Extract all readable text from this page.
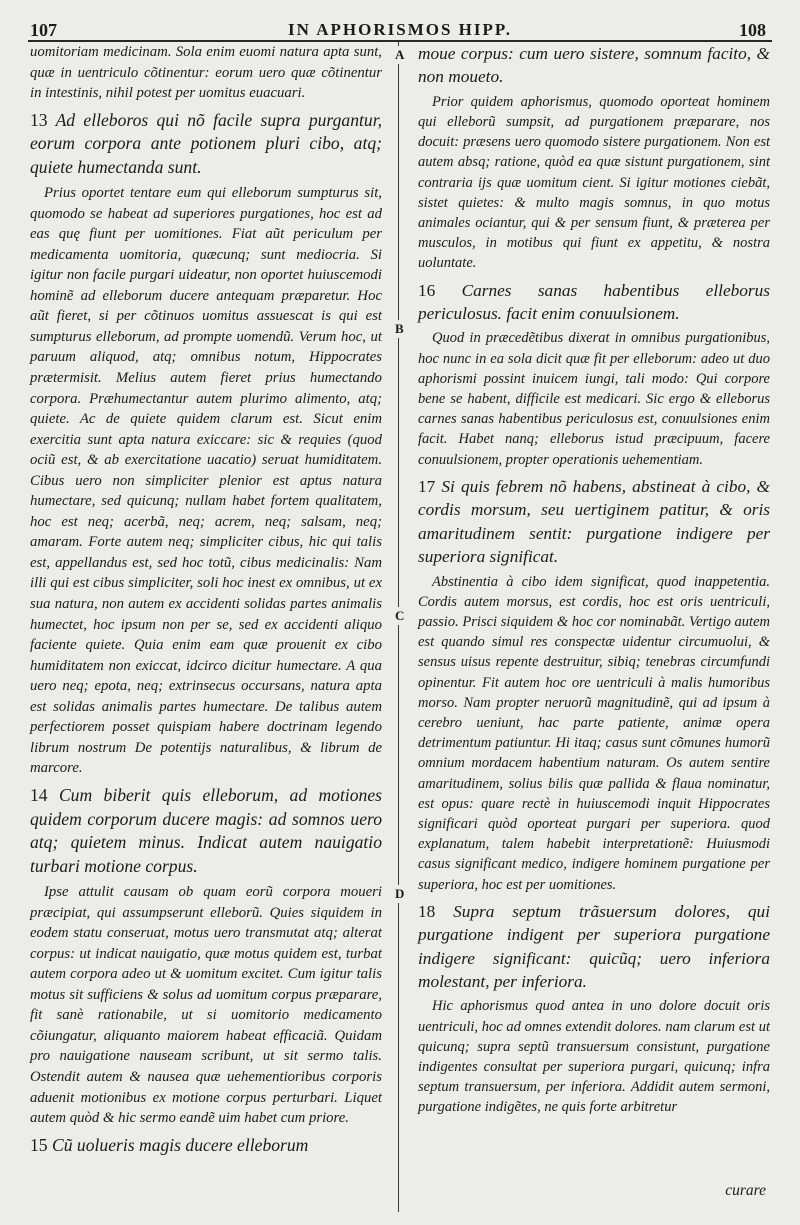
107	IN APHORISMOS HIPP.	108
A
B
C
D

uomitoriam medicinam. Sola enim euomi natura apta sunt, quæ in uentriculo cõtinentur: eorum uero quæ cõtinentur in intestinis, nihil potest per uomitus euacuari.

13 Ad elleboros qui nõ facile supra purgantur, eorum corpora ante potionem pluri cibo, atq; quiete humectanda sunt.

Prius oportet tentare eum qui elleborum sumpturus sit, quomodo se habeat ad superiores purgationes, hoc est ad eas quę fiunt per uomitiones. Fiat aũt periculum per medicamenta uomitoria, quæcunq; sunt mediocria. Si igitur non facile purgari uideatur, non oportet huiuscemodi hominẽ ad elleborum ducere antequam præparetur. Hoc aũt fieret, si per cõtinuos uomitus assuescat is qui est sumpturus elleborum, ad prompte uomendũ. Verum hoc, ut paruum aliquod, atq; omnibus notum, Hippocrates prætermisit. Melius autem fieret prius humectando corpora. Præhumectantur autem plurimo alimento, atq; quiete. Ac de quiete quidem clarum est. Sicut enim exercitia sunt apta natura exiccare: sic & requies (quod ociũ est, & ab exercitatione uacatio) seruat humiditatem. Cibus uero non simpliciter plenior est aptus natura humectare, sed quicunq; nullam habet fortem qualitatem, hoc est neq; acerbã, neq; acrem, neq; salsam, neq; amaram. Forte autem neq; simpliciter cibus, hic qui talis est, appellandus est, sed hoc totũ, cibus medicinalis: Nam illi qui est cibus simpliciter, soli hoc inest ex omnibus, ut ex sua natura, non autem ex accidenti solidas partes animalis humectet, hoc ipsum non per se, sed ex accidenti aliquo faciente quiete. Quia enim eam quæ prouenit ex cibo humiditatem non exiccat, idcirco dicitur humectare. A qua uero neq; epota, neq; extrinsecus occursans, natura apta est solidas animalis partes humectare. De talibus autem perfectiorem posset quispiam habere doctrinam legendo librum nostrum De potentijs naturalibus, & librum de marcore.

14 Cum biberit quis elleborum, ad motiones quidem corporum ducere magis: ad somnos uero atq; quietem minus. Indicat autem nauigatio turbari motione corpus.

Ipse attulit causam ob quam eorũ corpora moueri præcipiat, qui assumpserunt elleborũ. Quies siquidem in eodem statu conseruat, motus uero transmutat atq; alterat corpus: ut indicat nauigatio, quæ motus quidem est, turbat autem corpora adeo ut & uomitum excitet. Cum igitur talis motus sit sufficiens & solus ad uomitum corpus præparare, fit sanè rationabile, ut si uomitorio medicamento cõiungatur, aliquanto maiorem habeat efficaciã. Quidam pro nauigatione nauseam scribunt, ut sit sermo talis. Ostendit autem & nausea quæ uehementioribus corporis aduenit motionibus ex motione corpus perturbari. Liquet autem quòd & hic sermo eandẽ uim habet cum priore.

15 Cũ uolueris magis ducere elleborum

moue corpus: cum uero sistere, somnum facito, & non moueto.

Prior quidem aphorismus, quomodo oporteat hominem qui elleborũ sumpsit, ad purgationem præparare, nos docuit: præsens uero quomodo sistere purgationem. Non est autem absq; ratione, quòd ea quæ sistunt purgationem, sint contraria ijs quæ uomitum cient. Si igitur motiones ciebãt, sistet quietes: & multo magis somnus, in quo motus animales ociantur, qui & per sensum fiunt, & præterea per musculos, in motibus qui fiunt ex appetitu, & nostra uoluntate.

16 Carnes sanas habentibus elleborus periculosus. facit enim conuulsionem.

Quod in præcedẽtibus dixerat in omnibus purgationibus, hoc nunc in ea sola dicit quæ fit per elleborum: adeo ut duo aphorismi possint inuicem iungi, tali modo: Qui corpore bene se habent, difficile est medicari. Sic ergo & elleborus carnes sanas habentibus periculosus est, conuulsiones enim facit. Habet nanq; elleborus istud præcipuum, facere conuulsionem, propter operationis uehementiam.

17 Si quis febrem nõ habens, abstineat à cibo, & cordis morsum, seu uertiginem patitur, & oris amaritudinem sentit: purgatione indigere per superiora significat.

Abstinentia à cibo idem significat, quod inappetentia. Cordis autem morsus, est cordis, hoc est oris uentriculi, passio. Prisci siquidem & hoc cor nominabãt. Vertigo autem est quando simul res conspectæ uidentur circumuolui, & sensus uisus repente destruitur, sibiq; tenebras circumfundi opinentur. Fit autem hoc ore uentriculi à malis humoribus morso. Nam propter neruorũ magnitudinẽ, qui ad ipsum à cerebro ueniunt, hac parte patiente, animæ opera detrimentum patiuntur. Hi itaq; casus sunt cõmunes humorũ omnium mordacem habentium naturam. Os autem sentire amaritudinem, solius bilis quæ pallida & flaua nominatur, est opus: quare rectè in huiuscemodi inquit Hippocrates significari quòd oporteat purgari per superiora. quod explanatum, talem habebit interpretationẽ: Huiusmodi casus significant medico, indigere hominem purgatione per superiora, hoc est per uomitiones.

18 Supra septum trãsuersum dolores, qui purgatione indigent per superiora purgatione indigere significant: quicũq; uero inferiora molestant, per inferiora.

Hic aphorismus quod antea in uno dolore docuit oris uentriculi, hoc ad omnes extendit dolores. nam clarum est ut quicunq; supra septũ transuersum consistunt, purgatione indigentes consultat per superiora purgari, quicunq; infra septum transuersum, per inferiora. Addidit autem sermoni, purgatione indigẽtes, ne quis forte arbitretur

curare
